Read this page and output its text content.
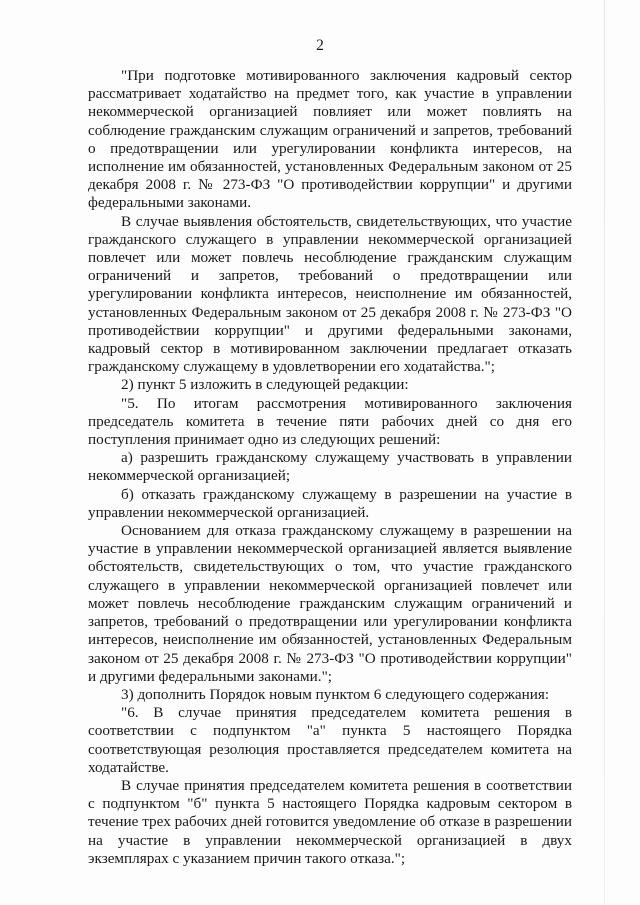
2

"При подготовке мотивированного заключения кадровый сектор рассматривает ходатайство на предмет того, как участие в управлении некоммерческой организацией повлияет или может повлиять на соблюдение гражданским служащим ограничений и запретов, требований о предотвращении или урегулировании конфликта интересов, на исполнение им обязанностей, установленных Федеральным законом от 25 декабря 2008 г. № 273-ФЗ "О противодействии коррупции" и другими федеральными законами.

В случае выявления обстоятельств, свидетельствующих, что участие гражданского служащего в управлении некоммерческой организацией повлечет или может повлечь несоблюдение гражданским служащим ограничений и запретов, требований о предотвращении или урегулировании конфликта интересов, неисполнение им обязанностей, установленных Федеральным законом от 25 декабря 2008 г. № 273-ФЗ "О противодействии коррупции" и другими федеральными законами, кадровый сектор в мотивированном заключении предлагает отказать гражданскому служащему в удовлетворении его ходатайства.";

2) пункт 5 изложить в следующей редакции:

"5. По итогам рассмотрения мотивированного заключения председатель комитета в течение пяти рабочих дней со дня его поступления принимает одно из следующих решений:

а) разрешить гражданскому служащему участвовать в управлении некоммерческой организацией;

б) отказать гражданскому служащему в разрешении на участие в управлении некоммерческой организацией.

Основанием для отказа гражданскому служащему в разрешении на участие в управлении некоммерческой организацией является выявление обстоятельств, свидетельствующих о том, что участие гражданского служащего в управлении некоммерческой организацией повлечет или может повлечь несоблюдение гражданским служащим ограничений и запретов, требований о предотвращении или урегулировании конфликта интересов, неисполнение им обязанностей, установленных Федеральным законом от 25 декабря 2008 г. № 273-ФЗ "О противодействии коррупции" и другими федеральными законами.";

3) дополнить Порядок новым пунктом 6 следующего содержания:

"6. В случае принятия председателем комитета решения в соответствии с подпунктом "а" пункта 5 настоящего Порядка соответствующая резолюция проставляется председателем комитета на ходатайстве.

В случае принятия председателем комитета решения в соответствии с подпунктом "б" пункта 5 настоящего Порядка кадровым сектором в течение трех рабочих дней готовится уведомление об отказе в разрешении на участие в управлении некоммерческой организацией в двух экземплярах с указанием причин такого отказа.";
